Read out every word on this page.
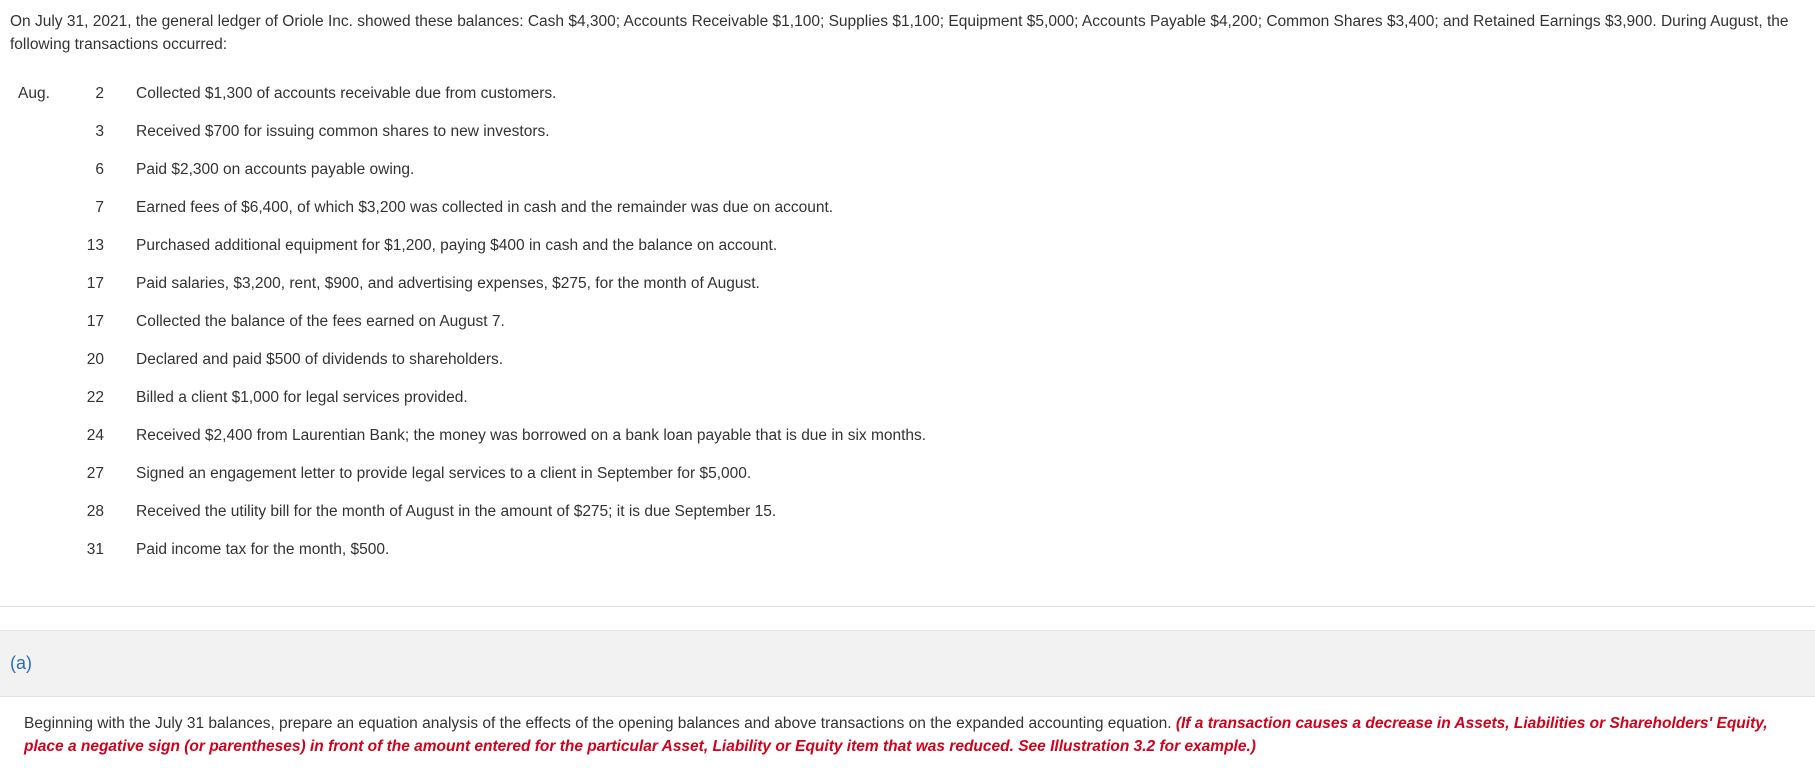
On July 31, 2021, the general ledger of Oriole Inc. showed these balances: Cash $4,300; Accounts Receivable $1,100; Supplies $1,100; Equipment $5,000; Accounts Payable $4,200; Common Shares $3,400; and Retained Earnings $3,900. During August, the following transactions occurred:
Aug.	2	Collected $1,300 of accounts receivable due from customers.
	3	Received $700 for issuing common shares to new investors.
	6	Paid $2,300 on accounts payable owing.
	7	Earned fees of $6,400, of which $3,200 was collected in cash and the remainder was due on account.
	13	Purchased additional equipment for $1,200, paying $400 in cash and the balance on account.
	17	Paid salaries, $3,200, rent, $900, and advertising expenses, $275, for the month of August.
	17	Collected the balance of the fees earned on August 7.
	20	Declared and paid $500 of dividends to shareholders.
	22	Billed a client $1,000 for legal services provided.
	24	Received $2,400 from Laurentian Bank; the money was borrowed on a bank loan payable that is due in six months.
	27	Signed an engagement letter to provide legal services to a client in September for $5,000.
	28	Received the utility bill for the month of August in the amount of $275; it is due September 15.
	31	Paid income tax for the month, $500.
(a)
Beginning with the July 31 balances, prepare an equation analysis of the effects of the opening balances and above transactions on the expanded accounting equation. (If a transaction causes a decrease in Assets, Liabilities or Shareholders' Equity, place a negative sign (or parentheses) in front of the amount entered for the particular Asset, Liability or Equity item that was reduced. See Illustration 3.2 for example.)
